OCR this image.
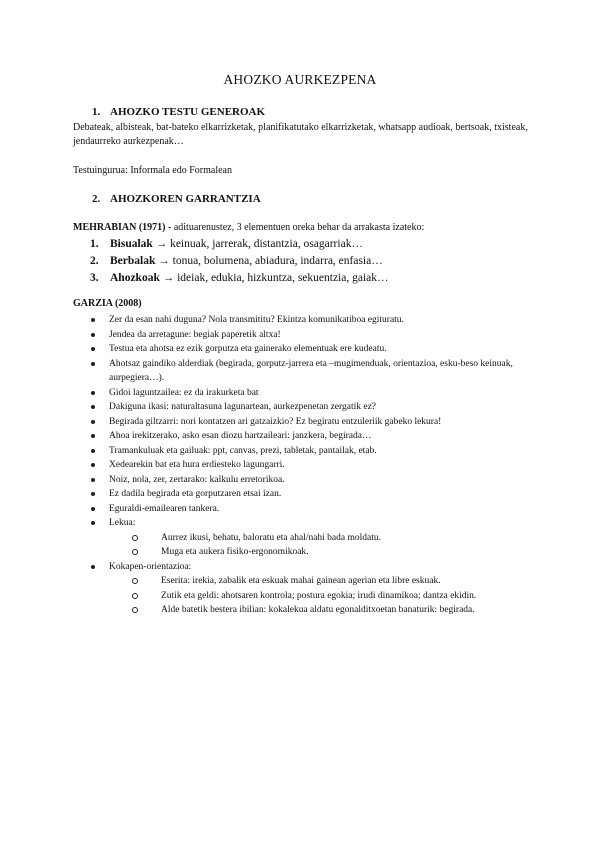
AHOZKO AURKEZPENA
1. AHOZKO TESTU GENEROAK
Debateak, albisteak, bat-bateko elkarrizketak, planifikatutako elkarrizketak, whatsapp audioak, bertsoak, txisteak, jendaurreko aurkezpenak…
Testuingurua: Informala edo Formalean
2. AHOZKOREN GARRANTZIA
MEHRABIAN (1971) - adituarenustez, 3 elementuen oreka behar da arrakasta izateko:
1. Bisualak → keinuak, jarrerak, distantzia, osagarriak…
2. Berbalak → tonua, bolumena, abiadura, indarra, enfasia…
3. Ahozkoak → ideiak, edukia, hizkuntza, sekuentzia, gaiak…
GARZIA (2008)
Zer da esan nahi duguna? Nola transmititu? Ekintza komunikatiboa egituratu.
Jendea da arretagune: begiak paperetik altxa!
Testua eta ahotsa ez ezik gorputza eta gainerako elementuak ere kudeatu.
Ahotsaz gaindiko alderdiak (begirada, gorputz-jarrera eta –mugimenduak, orientazioa, esku-beso keinuak, aurpegiera…).
Gidoi laguntzailea: ez da irakurketa bat
Dakiguna ikasi: naturaltasuna lagunartean, aurkezpenetan zergatik ez?
Begirada giltzarri: nori kontatzen ari gatzaizkio? Ez begiratu entzuleriik gabeko lekura!
Ahoa irekitzerako, asko esan diozu hartzaileari: janzkera, begirada…
Tramankuluak eta gailuak: ppt, canvas, prezi, tabletak, pantailak, etab.
Xedearekin bat eta hura erdiesteko lagungarri.
Noiz, nola, zer, zertarako: kalkulu erretorikoa.
Ez dadila begirada eta gorputzaren etsai izan.
Eguraldi-emailearen tankera.
Lekua:
Aurrez ikusi, behatu, baloratu eta ahal/nahi bada moldatu.
Muga eta aukera fisiko-ergonomikoak.
Kokapen-orientazioa:
Eserita: irekia, zabalik eta eskuak mahai gainean agerian eta libre eskuak.
Zutik eta geldi: ahotsaren kontrola; postura egokia; irudi dinamikoa; dantza ekidin.
Alde batetik bestera ibilian: kokalekua aldatu egonalditxoetan banaturik: begirada.
